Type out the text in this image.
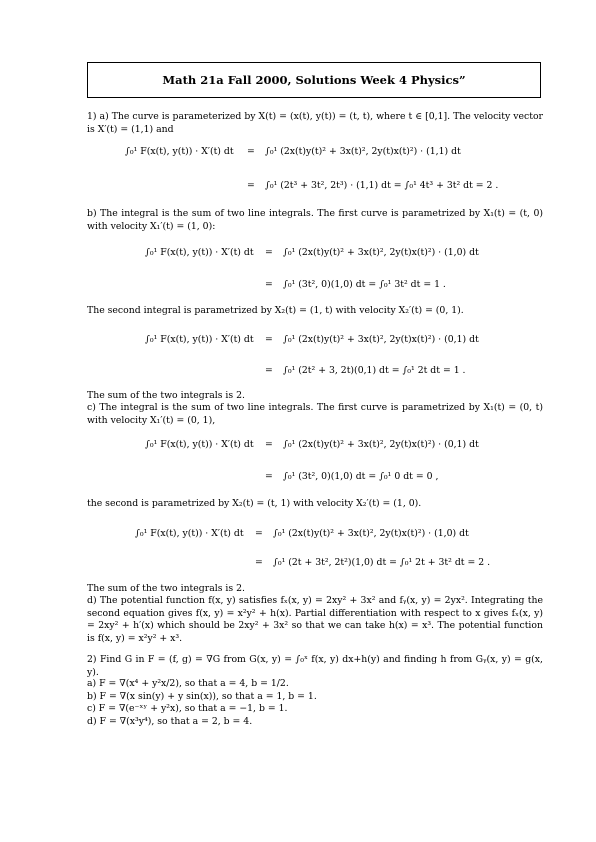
Math 21a Fall 2000, Solutions Week 4 Physics”
1) a) The curve is parameterized by X(t) = (x(t), y(t)) = (t, t), where t ∈ [0,1]. The velocity vector is X′(t) = (1,1) and
∫₀¹ F(x(t), y(t)) · X′(t) dt = ∫₀¹ (2x(t)y(t)² + 3x(t)², 2y(t)x(t)²) · (1,1) dt
= ∫₀¹ (2t³ + 3t², 2t³) · (1,1) dt = ∫₀¹ 4t³ + 3t² dt = 2 .
b) The integral is the sum of two line integrals. The first curve is parametrized by X₁(t) = (t, 0) with velocity X₁′(t) = (1, 0):
∫₀¹ F(x(t), y(t)) · X′(t) dt = ∫₀¹ (2x(t)y(t)² + 3x(t)², 2y(t)x(t)²) · (1,0) dt
= ∫₀¹ (3t², 0)(1,0) dt = ∫₀¹ 3t² dt = 1 .
The second integral is parametrized by X₂(t) = (1, t) with velocity X₂′(t) = (0, 1).
∫₀¹ F(x(t), y(t)) · X′(t) dt = ∫₀¹ (2x(t)y(t)² + 3x(t)², 2y(t)x(t)²) · (0,1) dt
= ∫₀¹ (2t² + 3, 2t)(0,1) dt = ∫₀¹ 2t dt = 1 .
The sum of the two integrals is 2.
c) The integral is the sum of two line integrals. The first curve is parametrized by X₁(t) = (0, t) with velocity X₁′(t) = (0, 1),
∫₀¹ F(x(t), y(t)) · X′(t) dt = ∫₀¹ (2x(t)y(t)² + 3x(t)², 2y(t)x(t)²) · (0,1) dt
= ∫₀¹ (3t², 0)(1,0) dt = ∫₀¹ 0 dt = 0 ,
the second is parametrized by X₂(t) = (t, 1) with velocity X₂′(t) = (1, 0).
∫₀¹ F(x(t), y(t)) · X′(t) dt = ∫₀¹ (2x(t)y(t)² + 3x(t)², 2y(t)x(t)²) · (1,0) dt
= ∫₀¹ (2t + 3t², 2t²)(1,0) dt = ∫₀¹ 2t + 3t² dt = 2 .
The sum of the two integrals is 2.
d) The potential function f(x, y) satisfies fₓ(x, y) = 2xy² + 3x² and fᵧ(x, y) = 2yx². Integrating the second equation gives f(x, y) = x²y² + h(x). Partial differentiation with respect to x gives fₓ(x, y) = 2xy² + h′(x) which should be 2xy² + 3x² so that we can take h(x) = x³. The potential function is f(x, y) = x²y² + x³.
2) Find G in F = (f, g) = ∇G from G(x, y) = ∫₀ˣ f(x, y) dx+h(y) and finding h from Gᵧ(x, y) = g(x, y).
a) F = ∇(x⁴ + y²x/2), so that a = 4, b = 1/2.
b) F = ∇(x sin(y) + y sin(x)), so that a = 1, b = 1.
c) F = ∇(e⁻ˣʸ + y²x), so that a = −1, b = 1.
d) F = ∇(x³y⁴), so that a = 2, b = 4.
